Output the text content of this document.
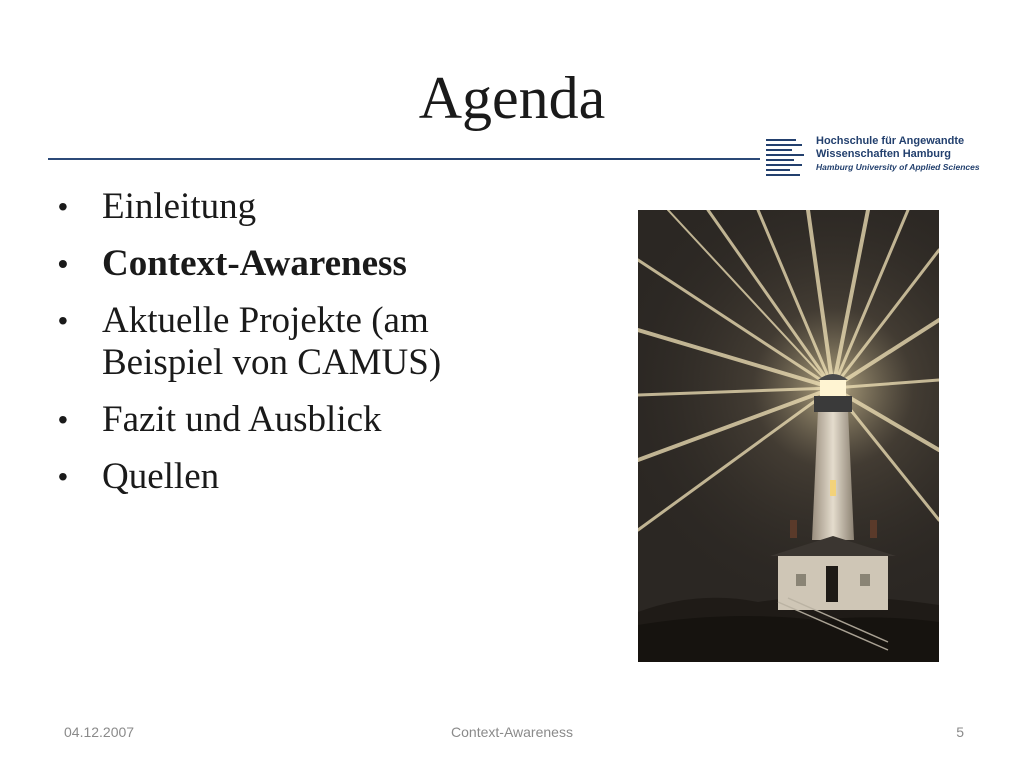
Agenda
Hochschule für Angewandte
Wissenschaften Hamburg
Hamburg University of Applied Sciences
• Einleitung
• Context-Awareness
• Aktuelle Projekte (am Beispiel von CAMUS)
• Fazit und Ausblick
• Quellen
04.12.2007	Context-Awareness	5
